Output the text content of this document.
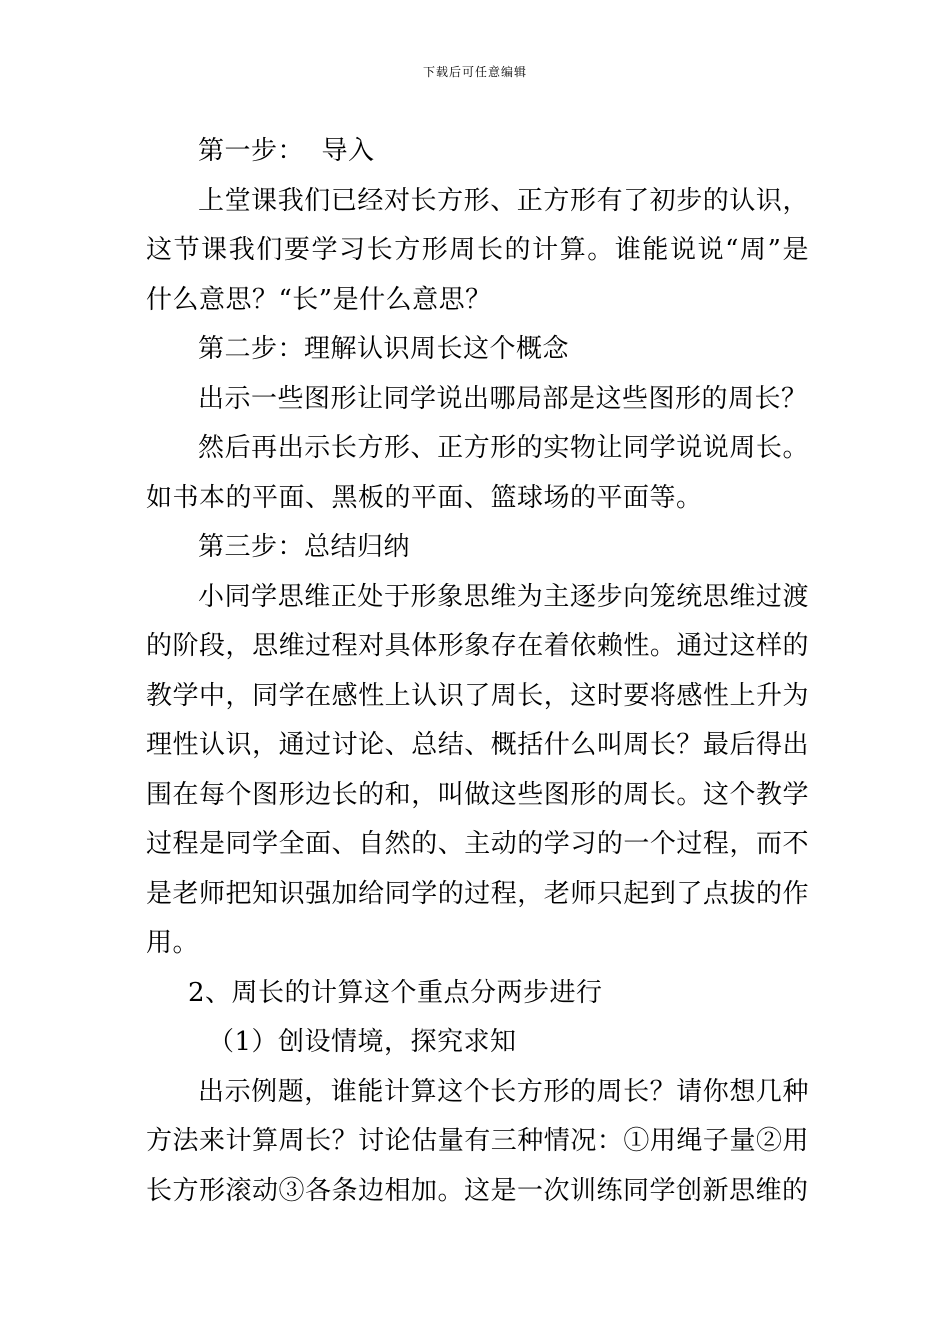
下载后可任意编辑

第一步：  导入

上堂课我们已经对长方形、正方形有了初步的认识，这节课我们要学习长方形周长的计算。谁能说说“周”是什么意思？“长”是什么意思？

第二步：理解认识周长这个概念

出示一些图形让同学说出哪局部是这些图形的周长？

然后再出示长方形、正方形的实物让同学说说周长。如书本的平面、黑板的平面、篮球场的平面等。

第三步：总结归纳

小同学思维正处于形象思维为主逐步向笼统思维过渡的阶段，思维过程对具体形象存在着依赖性。通过这样的教学中，同学在感性上认识了周长，这时要将感性上升为理性认识，通过讨论、总结、概括什么叫周长？最后得出围在每个图形边长的和，叫做这些图形的周长。这个教学过程是同学全面、自然的、主动的学习的一个过程，而不是老师把知识强加给同学的过程，老师只起到了点拔的作用。

2、周长的计算这个重点分两步进行

（1）创设情境，探究求知

出示例题，谁能计算这个长方形的周长？请你想几种方法来计算周长？讨论估量有三种情况：①用绳子量②用长方形滚动③各条边相加。这是一次训练同学创新思维的
